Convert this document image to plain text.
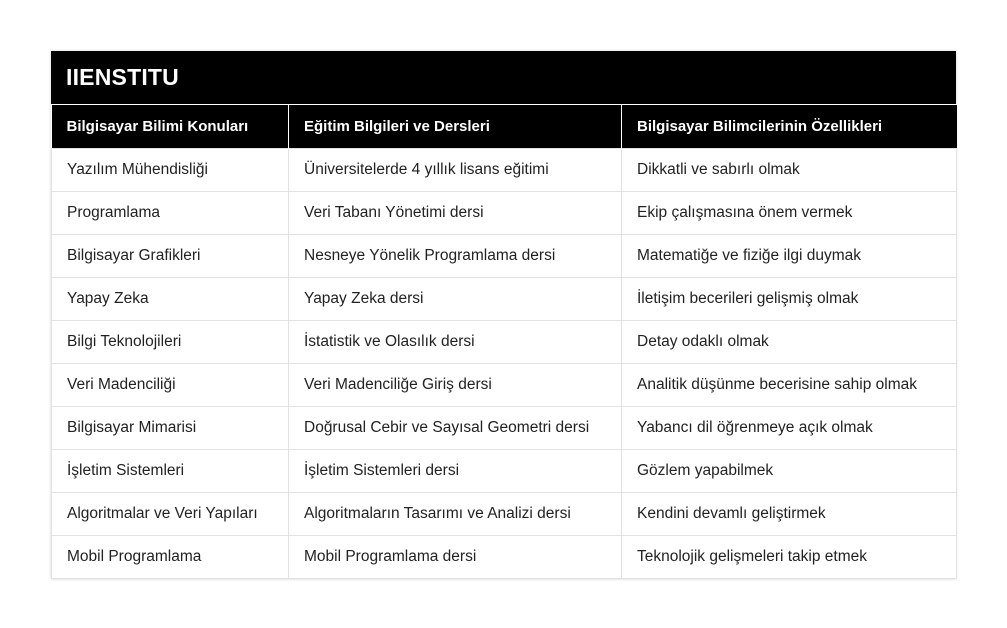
IIENSTITU
Bilgisayar Bilimi Konuları	Eğitim Bilgileri ve Dersleri	Bilgisayar Bilimcilerinin Özellikleri
Yazılım Mühendisliği	Üniversitelerde 4 yıllık lisans eğitimi	Dikkatli ve sabırlı olmak
Programlama	Veri Tabanı Yönetimi dersi	Ekip çalışmasına önem vermek
Bilgisayar Grafikleri	Nesneye Yönelik Programlama dersi	Matematiğe ve fiziğe ilgi duymak
Yapay Zeka	Yapay Zeka dersi	İletişim becerileri gelişmiş olmak
Bilgi Teknolojileri	İstatistik ve Olasılık dersi	Detay odaklı olmak
Veri Madenciliği	Veri Madenciliğe Giriş dersi	Analitik düşünme becerisine sahip olmak
Bilgisayar Mimarisi	Doğrusal Cebir ve Sayısal Geometri dersi	Yabancı dil öğrenmeye açık olmak
İşletim Sistemleri	İşletim Sistemleri dersi	Gözlem yapabilmek
Algoritmalar ve Veri Yapıları	Algoritmaların Tasarımı ve Analizi dersi	Kendini devamlı geliştirmek
Mobil Programlama	Mobil Programlama dersi	Teknolojik gelişmeleri takip etmek
